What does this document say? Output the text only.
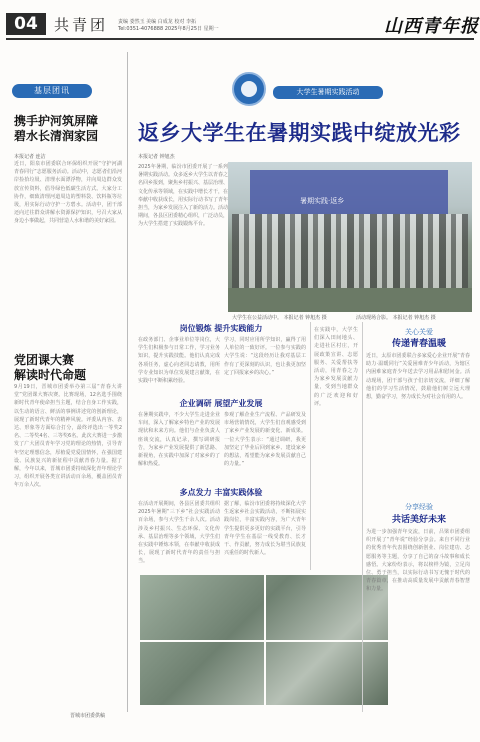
04	共青团 责编 娄然玉 美编 白成龙 校对 李拓
Tel:0351-4076888 2025年8月25日 星期一	山西青年报
基层团讯
携手护河筑屏障
碧水长清润家园
本报记者 连洁
近日，阳泉市团委联合环保组织开展“守护河湖 青春同行”志愿服务活动。活动中，志愿者们沿河岸捡拾垃圾、清理水面漂浮物，并向周边群众发放宣传资料，倡导绿色低碳生活方式。大家分工协作，细致清理河道周边的塑料袋、饮料瓶等垃圾，用实际行动守护一方碧水。活动中，团干部还向过往群众讲解水资源保护知识，号召大家从身边小事做起，共同营造人水和谐的美好家园。
党团课大赛
解读时代命题
9月19日，晋城市团委举办第三届“青春大讲堂”党团课大赛决赛。比赛现场，12名选手围绕新时代青年使命担当主题，结合自身工作实践，以生动的语言、鲜活的事例讲述党的创新理论，展现了新时代青年的精神风貌。评委从内容、表达、形象等方面综合打分，最终评选出一等奖2名、二等奖4名、三等奖6名。此次大赛进一步激发了广大团员青年学习党的理论的热情，引导青年坚定理想信念，厚植爱党爱国情怀，在强国建设、民族复兴的新征程中贡献青春力量。据了解，今年以来，晋城市团委持续深化青年理论学习，组织开展各类宣讲活动百余场，覆盖团员青年万余人次。
晋城市团委供稿
大学生暑期实践活动
返乡大学生在暑期实践中绽放光彩
本报记者 钟旭杰
2025年暑期，临汾市团委开展了一系列暑期实践活动。众多返乡大学生以青春之名回乡报到，聚焦乡村振兴、基层治理、文化传承等领域，在实践中增长才干，在奉献中收获成长，用实际行动书写了青年担当，为家乡发展注入了新的活力。活动期间，各县区团委精心组织，广泛动员，为大学生搭建了实践锻炼平台。
暑期实践·返乡
大学生在公益活动中。 本报记者 钟旭杰 摄	活动现场合影。 本报记者 钟旭杰 摄
岗位锻炼 提升实践能力
在政务部门、企事业单位等岗位，大学生们积极参与日常工作，学习业务知识，提升实践技能。他们认真完成各项任务，虚心向老同志请教，用所学专业知识为单位发展建言献策，在实践中不断积累经验。
学习，同时应用所学知识，赢得了用人单位的一致好评。一位参与实践的大学生说：“这段经历让我对基层工作有了更深刻的认识，也让我更加坚定了回报家乡的决心。”
企业调研 展望产业发展
在暑期实践中，不少大学生走进企业车间，深入了解家乡特色产业的发展现状和未来方向。他们与企业负责人座谈交流，认真记录，撰写调研报告，为家乡产业发展提供了新思路、新视角，在实践中加深了对家乡的了解和热爱。
参观了解企业生产流程、产品研发及市场营销情况，大学生们直观感受到了家乡产业发展的新变化、新成果。一位大学生表示：“通过调研，我更加坚定了毕业后回到家乡、建设家乡的想法，希望能为家乡发展贡献自己的力量。”
多点发力 丰富实践体验
在活动开展期间，各县区团委共组织2025年暑期“三下乡”社会实践活动百余场，参与大学生千余人次。活动涉及乡村振兴、生态环保、文化传承、基层治理等多个领域，大学生们在实践中锤炼本领，在奉献中收获成长，展现了新时代青年的责任与担当。
据了解，临汾市团委将持续深化大学生返家乡社会实践活动，不断拓展实践岗位，丰富实践内容，为广大青年学生提供更多更好的实践平台，引导青年学生在基层一线受教育、长才干、作贡献，努力成长为堪当民族复兴重任的时代新人。
在实践中，大学生们深入田间地头、走进社区村庄，开展政策宣讲、志愿服务、关爱帮扶等活动，用青春之力为家乡发展贡献力量，受到当地群众的广泛欢迎和好评。
关心关爱
传递青春温暖
近日，太原市团委联合多家爱心企业开展“青春助力·温暖同行”关爱困难青少年活动，为辖区内困难家庭青少年送去学习用品和慰问金。活动现场，团干部与孩子们亲切交流，详细了解他们的学习生活情况，鼓励他们树立远大理想，勤奋学习，努力成长为对社会有用的人。
分享经验
共话美好未来
为进一步加强青年交流，日前，吕梁市团委组织开展了“青年说”经验分享会。来自不同行业的优秀青年代表围绕创新创业、岗位建功、志愿服务等主题，分享了自己的奋斗故事和成长感悟。大家纷纷表示，将以榜样为镜，立足岗位、勇于担当，以实际行动书写无愧于时代的青春篇章，在推动高质量发展中贡献青春智慧和力量。
